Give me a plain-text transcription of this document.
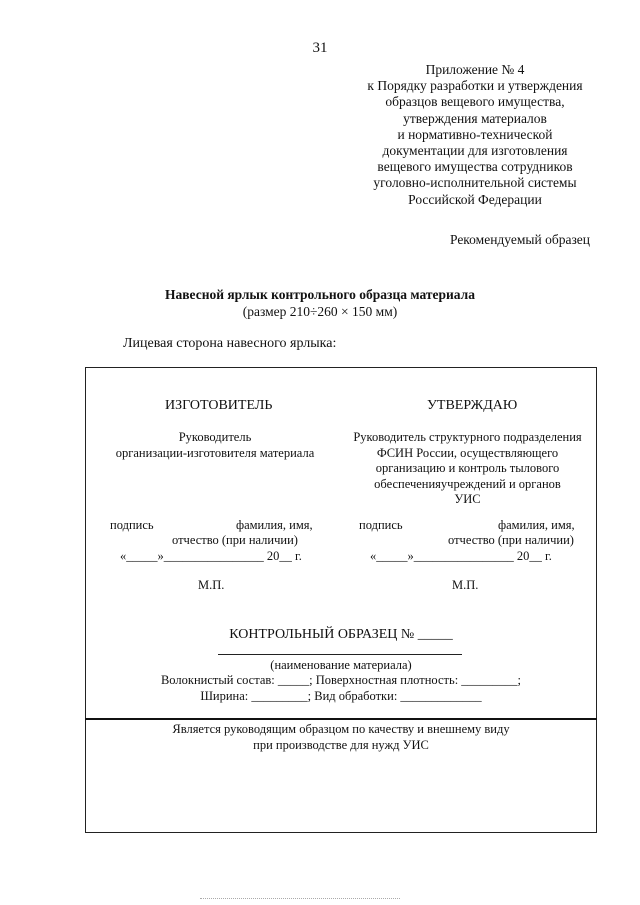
31
Приложение № 4
к Порядку разработки и утверждения
образцов вещевого имущества,
утверждения материалов
и нормативно-технической
документации для изготовления
вещевого имущества сотрудников
уголовно-исполнительной системы
Российской Федерации
Рекомендуемый образец
Навесной ярлык контрольного образца материала
(размер 210÷260 × 150 мм)
Лицевая сторона навесного ярлыка:
ИЗГОТОВИТЕЛЬ
Руководитель
организации-изготовителя материала
подпись	фамилия, имя,
отчество (при наличии)
«_____»________________ 20__ г.
М.П.
УТВЕРЖДАЮ
Руководитель структурного подразделения
ФСИН России, осуществляющего
организацию и контроль тылового
обеспеченияучреждений и органов
УИС
подпись	фамилия, имя,
отчество (при наличии)
«_____»________________ 20__ г.
М.П.
КОНТРОЛЬНЫЙ ОБРАЗЕЦ № _____
(наименование материала)
Волокнистый состав: _____; Поверхностная плотность: _________;
Ширина: _________; Вид обработки: _____________
Является руководящим образцом по качеству и внешнему виду
при производстве для нужд УИС
